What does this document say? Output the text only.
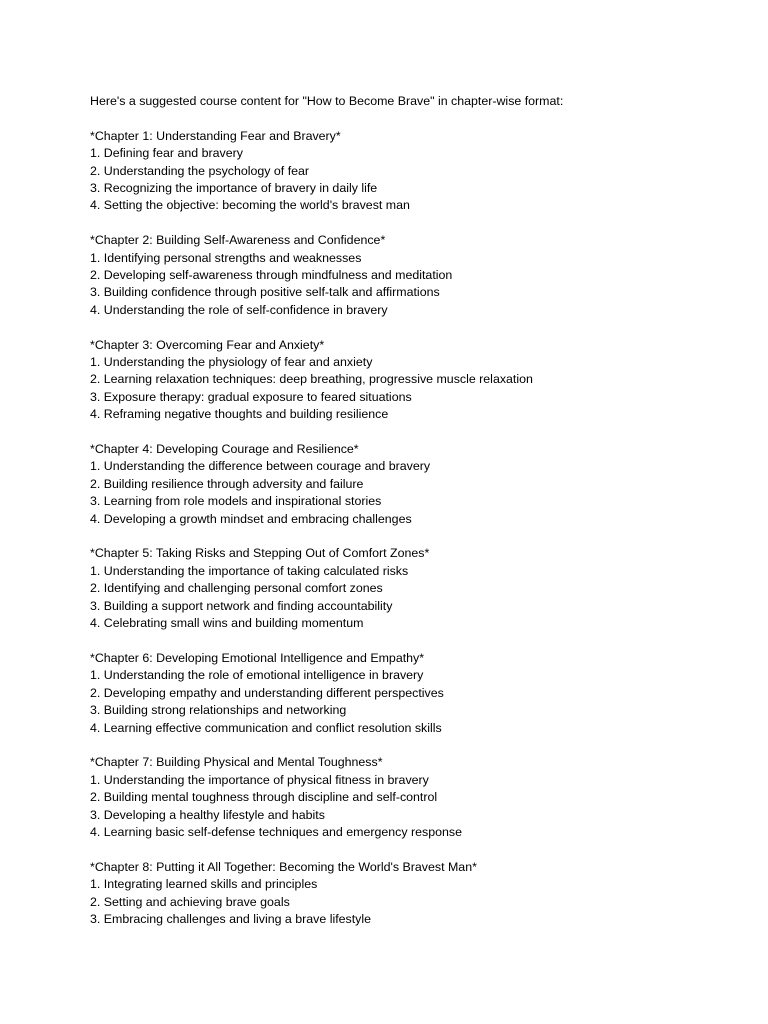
Here's a suggested course content for "How to Become Brave" in chapter-wise format:

*Chapter 1: Understanding Fear and Bravery*

1. Defining fear and bravery
2. Understanding the psychology of fear
3. Recognizing the importance of bravery in daily life
4. Setting the objective: becoming the world's bravest man

*Chapter 2: Building Self-Awareness and Confidence*

1. Identifying personal strengths and weaknesses
2. Developing self-awareness through mindfulness and meditation
3. Building confidence through positive self-talk and affirmations
4. Understanding the role of self-confidence in bravery

*Chapter 3: Overcoming Fear and Anxiety*

1. Understanding the physiology of fear and anxiety
2. Learning relaxation techniques: deep breathing, progressive muscle relaxation
3. Exposure therapy: gradual exposure to feared situations
4. Reframing negative thoughts and building resilience

*Chapter 4: Developing Courage and Resilience*

1. Understanding the difference between courage and bravery
2. Building resilience through adversity and failure
3. Learning from role models and inspirational stories
4. Developing a growth mindset and embracing challenges

*Chapter 5: Taking Risks and Stepping Out of Comfort Zones*

1. Understanding the importance of taking calculated risks
2. Identifying and challenging personal comfort zones
3. Building a support network and finding accountability
4. Celebrating small wins and building momentum

*Chapter 6: Developing Emotional Intelligence and Empathy*

1. Understanding the role of emotional intelligence in bravery
2. Developing empathy and understanding different perspectives
3. Building strong relationships and networking
4. Learning effective communication and conflict resolution skills

*Chapter 7: Building Physical and Mental Toughness*

1. Understanding the importance of physical fitness in bravery
2. Building mental toughness through discipline and self-control
3. Developing a healthy lifestyle and habits
4. Learning basic self-defense techniques and emergency response

*Chapter 8: Putting it All Together: Becoming the World's Bravest Man*

1. Integrating learned skills and principles
2. Setting and achieving brave goals
3. Embracing challenges and living a brave lifestyle
